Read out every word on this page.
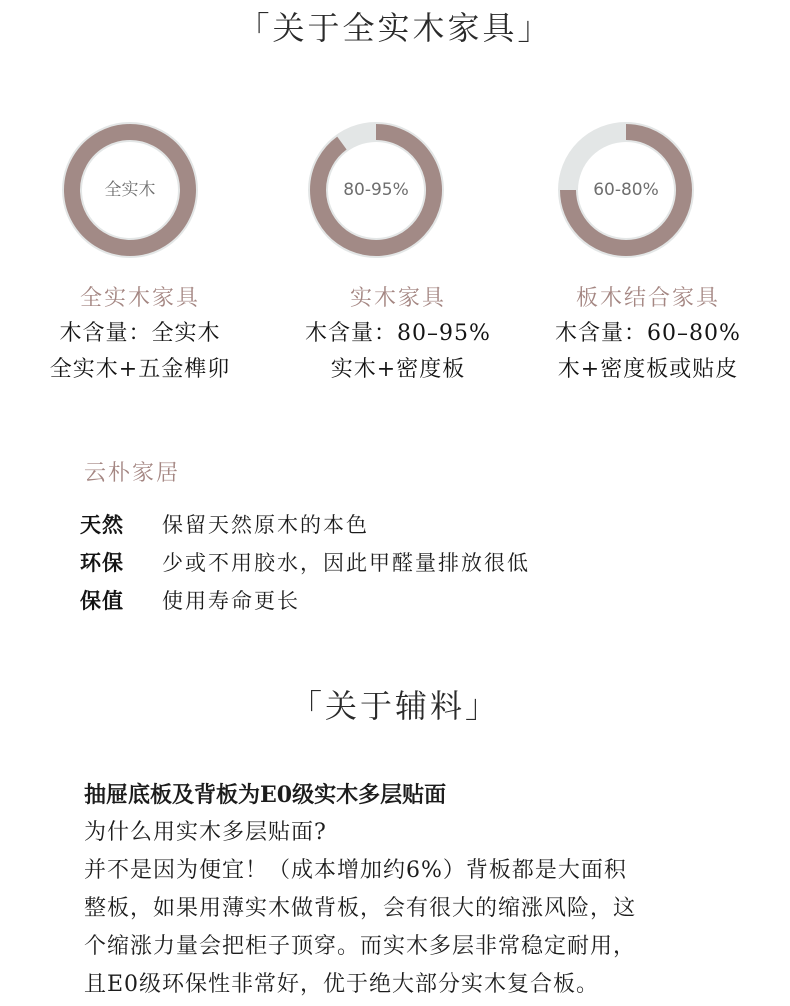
「关于全实木家具」
全实木	80-95%	60-80%
全实木家具
木含量：全实木
全实木+五金榫卯
实木家具
木含量：80–95%
实木+密度板
板木结合家具
木含量：60–80%
木+密度板或贴皮
云朴家居
天然 保留天然原木的本色
环保 少或不用胶水，因此甲醛量排放很低
保值 使用寿命更长
「关于辅料」
抽屉底板及背板为E0级实木多层贴面
为什么用实木多层贴面?
并不是因为便宜！（成本增加约6%）背板都是大面积
整板，如果用薄实木做背板，会有很大的缩涨风险，这
个缩涨力量会把柜子顶穿。而实木多层非常稳定耐用，
且E0级环保性非常好，优于绝大部分实木复合板。
